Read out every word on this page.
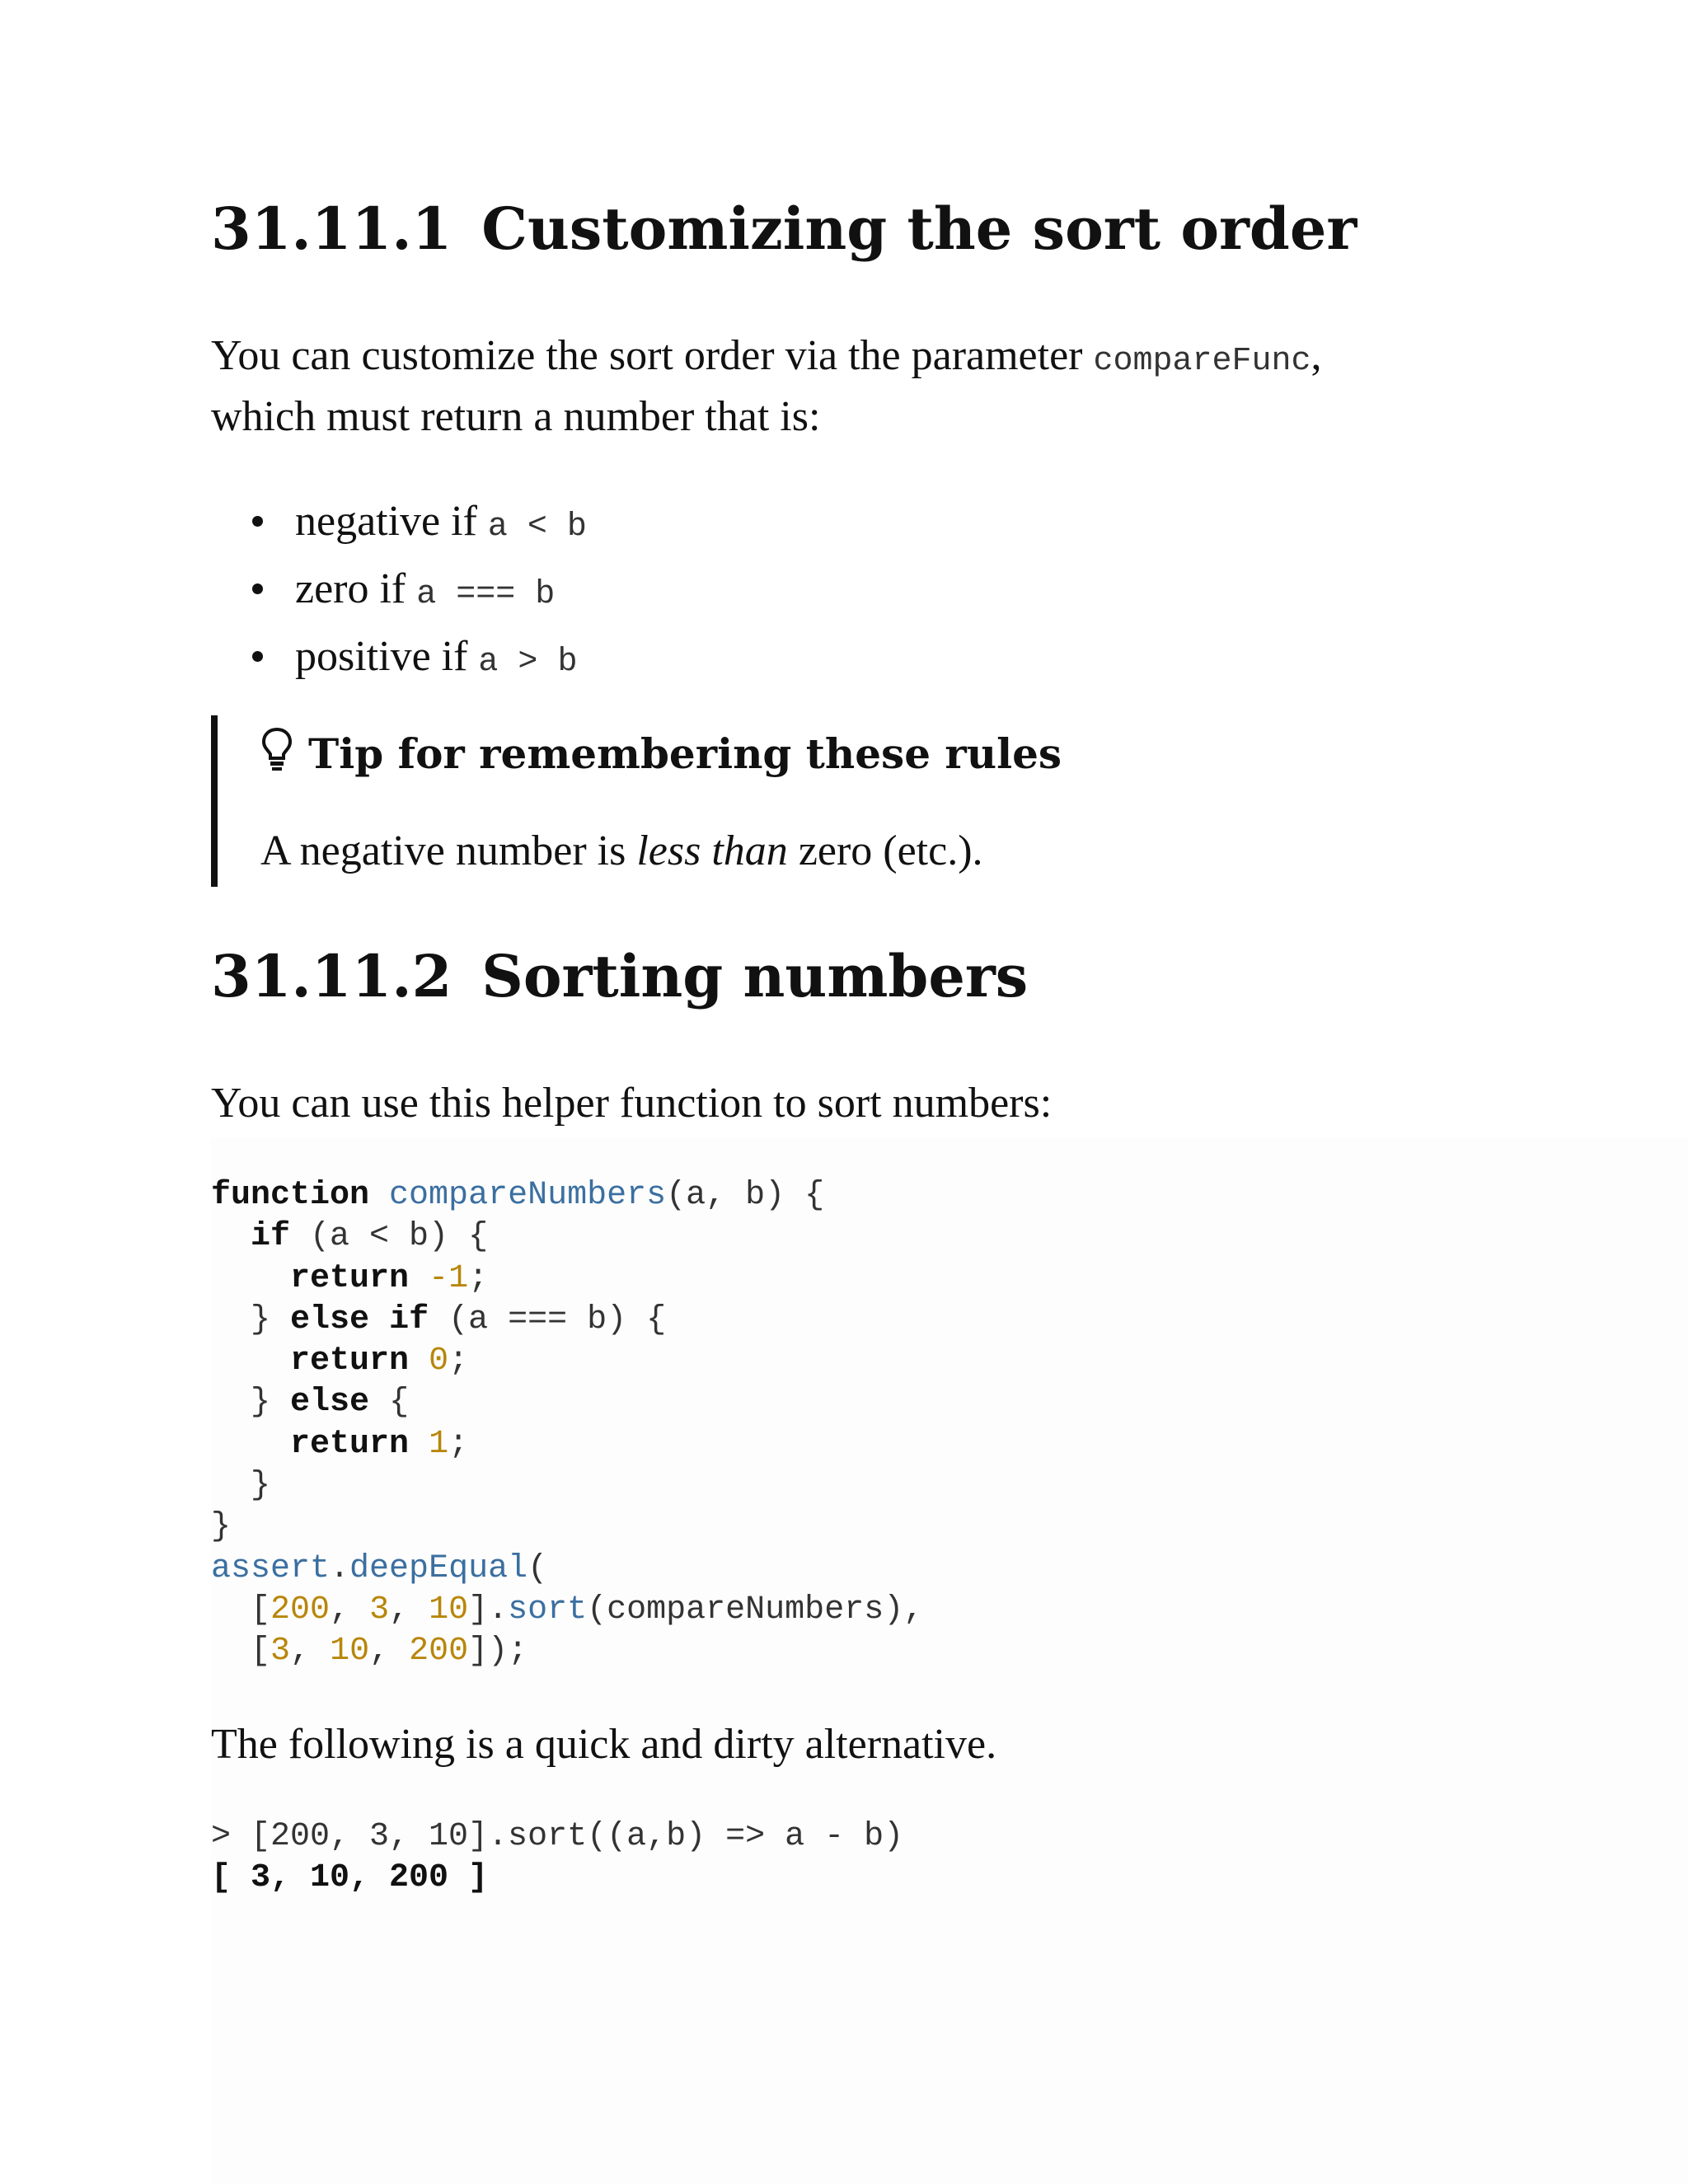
31.11.1 Customizing the sort order

You can customize the sort order via the parameter compareFunc,

which must return a number that is:

negative if a < b
zero if a === b
positive if a > b
Tip for remembering these rules
A negative number is less than zero (etc.).
31.11.2 Sorting numbers

You can use this helper function to sort numbers:

function compareNumbers(a, b) {
if (a < b) {
return -1;
} else if (a === b) {
return 0;
} else {
return 1;
}
}
assert.deepEqual(
[200, 3, 10].sort(compareNumbers),
[3, 10, 200]);

The following is a quick and dirty alternative.

> [200, 3, 10].sort((a,b) => a - b)
[ 3, 10, 200 ]
